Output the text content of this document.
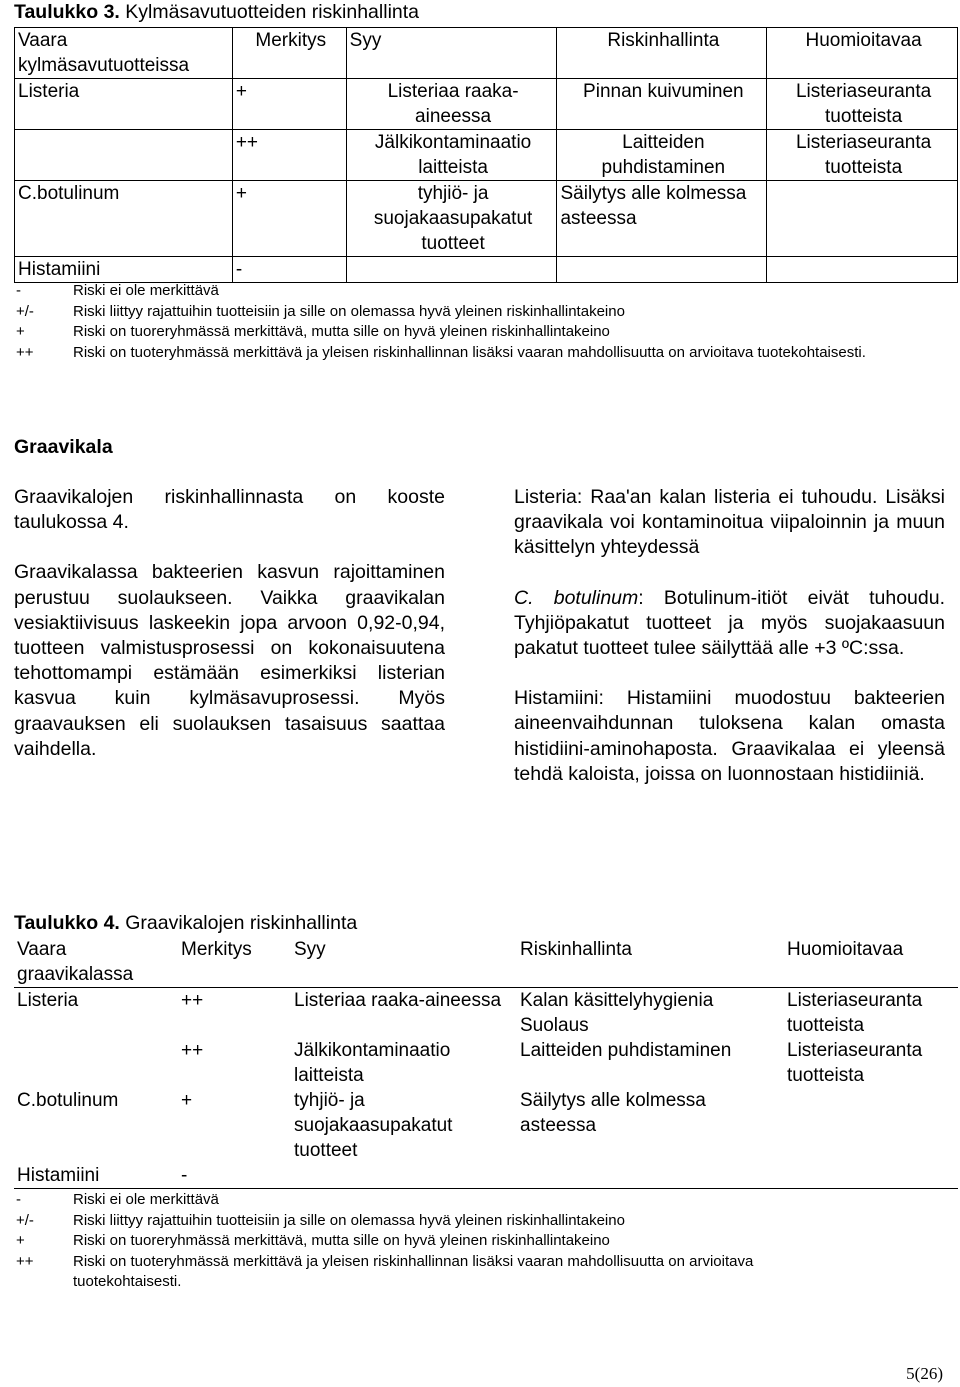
Taulukko 3. Kylmäsavutuotteiden riskinhallinta
Vaara kylmäsavutuotteissa	Merkitys	Syy	Riskinhallinta	Huomioitavaa
Listeria	+	Listeriaa raaka-aineessa	Pinnan kuivuminen	Listeriaseuranta tuotteista
	++	Jälkikontaminaatio laitteista	Laitteiden puhdistaminen	Listeriaseuranta tuotteista
C.botulinum	+	tyhjiö- ja suojakaasupakatut tuotteet	Säilytys alle kolmessa asteessa	
Histamiini	-			
-	Riski ei ole merkittävä
+/-	Riski liittyy rajattuihin tuotteisiin ja sille on olemassa hyvä yleinen riskinhallintakeino
+	Riski on tuoreryhmässä merkittävä, mutta sille on hyvä yleinen riskinhallintakeino
++	Riski on tuoteryhmässä merkittävä ja yleisen riskinhallinnan lisäksi vaaran mahdollisuutta on arvioitava tuotekohtaisesti.
Graavikala

Graavikalojen riskinhallinnasta on kooste taulukossa 4.

Graavikalassa bakteerien kasvun rajoittaminen perustuu suolaukseen. Vaikka graavikalan vesiaktiivisuus laskeekin jopa arvoon 0,92-0,94, tuotteen valmistusprosessi on kokonaisuutena tehottomampi estämään esimerkiksi listerian kasvua kuin kylmäsavuprosessi. Myös graavauksen eli suolauksen tasaisuus saattaa vaihdella.

Listeria: Raa'an kalan listeria ei tuhoudu. Lisäksi graavikala voi kontaminoitua viipaloinnin ja muun käsittelyn yhteydessä

C. botulinum: Botulinum-itiöt eivät tuhoudu. Tyhjiöpakatut tuotteet ja myös suojakaasuun pakatut tuotteet tulee säilyttää alle +3 ºC:ssa.

Histamiini: Histamiini muodostuu bakteerien aineenvaihdunnan tuloksena kalan omasta histidiini-aminohaposta. Graavikalaa ei yleensä tehdä kaloista, joissa on luonnostaan histidiiniä.

Taulukko 4. Graavikalojen riskinhallinta
Vaara graavikalassa	Merkitys	Syy	Riskinhallinta	Huomioitavaa
Listeria	++	Listeriaa raaka-aineessa	Kalan käsittelyhygienia Suolaus	Listeriaseuranta tuotteista
	++	Jälkikontaminaatio laitteista	Laitteiden puhdistaminen	Listeriaseuranta tuotteista
C.botulinum	+	tyhjiö- ja suojakaasupakatut tuotteet	Säilytys alle kolmessa asteessa	
Histamiini	-			
-	Riski ei ole merkittävä
+/-	Riski liittyy rajattuihin tuotteisiin ja sille on olemassa hyvä yleinen riskinhallintakeino
+	Riski on tuoreryhmässä merkittävä, mutta sille on hyvä yleinen riskinhallintakeino
++	Riski on tuoteryhmässä merkittävä ja yleisen riskinhallinnan lisäksi vaaran mahdollisuutta on arvioitava tuotekohtaisesti.
5(26)
